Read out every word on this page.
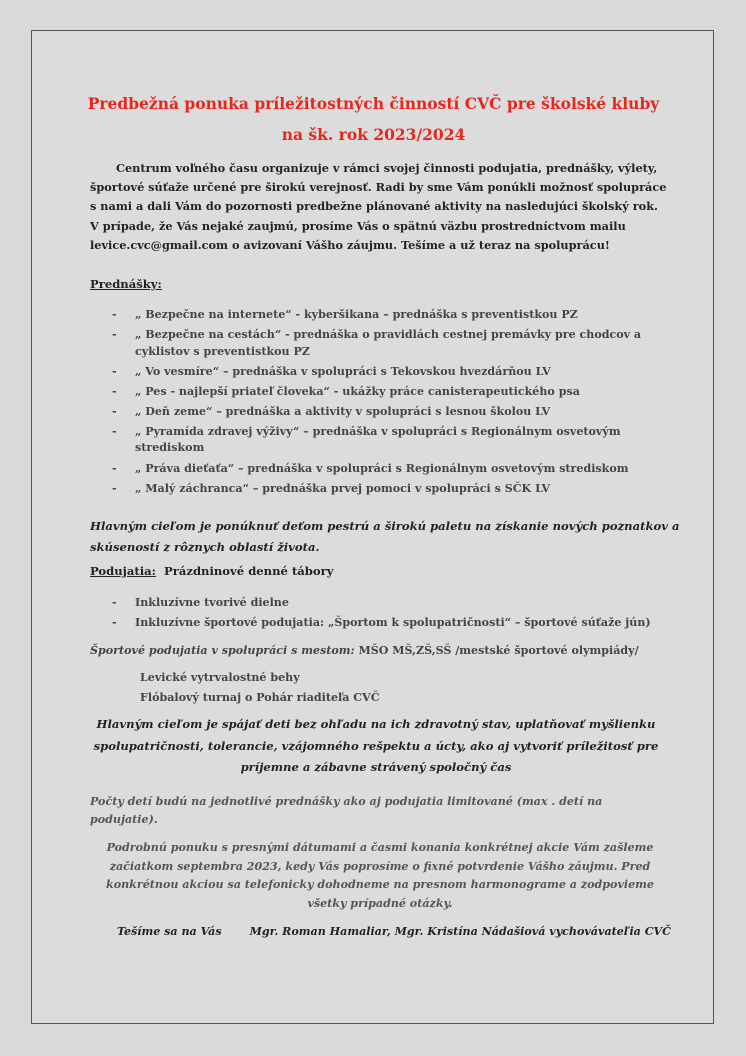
Predbežná ponuka príležitostných činností CVČ pre školské kluby
na šk. rok 2023/2024
Centrum voľného času organizuje v rámci svojej činnosti podujatia, prednášky, výlety, športové súťaže určené pre širokú verejnosť. Radi by sme Vám ponúkli možnosť spolupráce s nami a dali Vám do pozornosti predbežne plánované aktivity na nasledujúci školský rok. V prípade, že Vás nejaké zaujmú, prosíme Vás o spätnú väzbu prostredníctvom mailu levice.cvc@gmail.com o avizovaní Vášho záujmu. Tešíme a už teraz na spoluprácu!
Prednášky:
- „ Bezpečne na internete“ - kyberšikana – prednáška s preventistkou PZ
- „ Bezpečne na cestách“ - prednáška o pravidlách cestnej premávky pre chodcov a cyklistov s preventistkou PZ
- „ Vo vesmíre“ – prednáška v spolupráci s Tekovskou hvezdárňou LV
- „ Pes - najlepší priateľ človeka“ - ukážky práce canisterapeutického psa
- „ Deň zeme“ – prednáška a aktivity v spolupráci s lesnou školou LV
- „ Pyramída zdravej výživy“ – prednáška v spolupráci s Regionálnym osvetovým strediskom
- „ Práva dieťaťa“ – prednáška v spolupráci s Regionálnym osvetovým strediskom
- „ Malý záchranca“ – prednáška prvej pomoci v spolupráci s SČK LV
Hlavným cieľom je ponúknuť deťom pestrú a širokú paletu na získanie nových poznatkov a skúseností z rôznych oblastí života.
Podujatia: Prázdninové denné tábory
- Inkluzívne tvorivé dielne
- Inkluzívne športové podujatia: „Športom k spolupatričnosti“ – športové súťaže jún)
Športové podujatia v spolupráci s mestom: MŠO MŠ,ZŠ,SŠ /mestské športové olympiády/
Levické vytrvalostné behy
Flóbalový turnaj o Pohár riaditeľa CVČ
Hlavným cieľom je spájať deti bez ohľadu na ich zdravotný stav, uplatňovať myšlienku spolupatričnosti, tolerancie, vzájomného rešpektu a úcty, ako aj vytvoriť príležitosť pre príjemne a zábavne strávený spoločný čas
Počty detí budú na jednotlivé prednášky ako aj podujatia limitované (max . detí na podujatie).
Podrobnú ponuku s presnými dátumami a časmi konania konkrétnej akcie Vám zašleme začiatkom septembra 2023, kedy Vás poprosíme o fixné potvrdenie Vášho záujmu. Pred konkrétnou akciou sa telefonicky dohodneme na presnom harmonograme a zodpovieme všetky prípadné otázky.
Tešíme sa na Vás	Mgr. Roman Hamaliar, Mgr. Kristína Nádašiová vychovávateľia CVČ
